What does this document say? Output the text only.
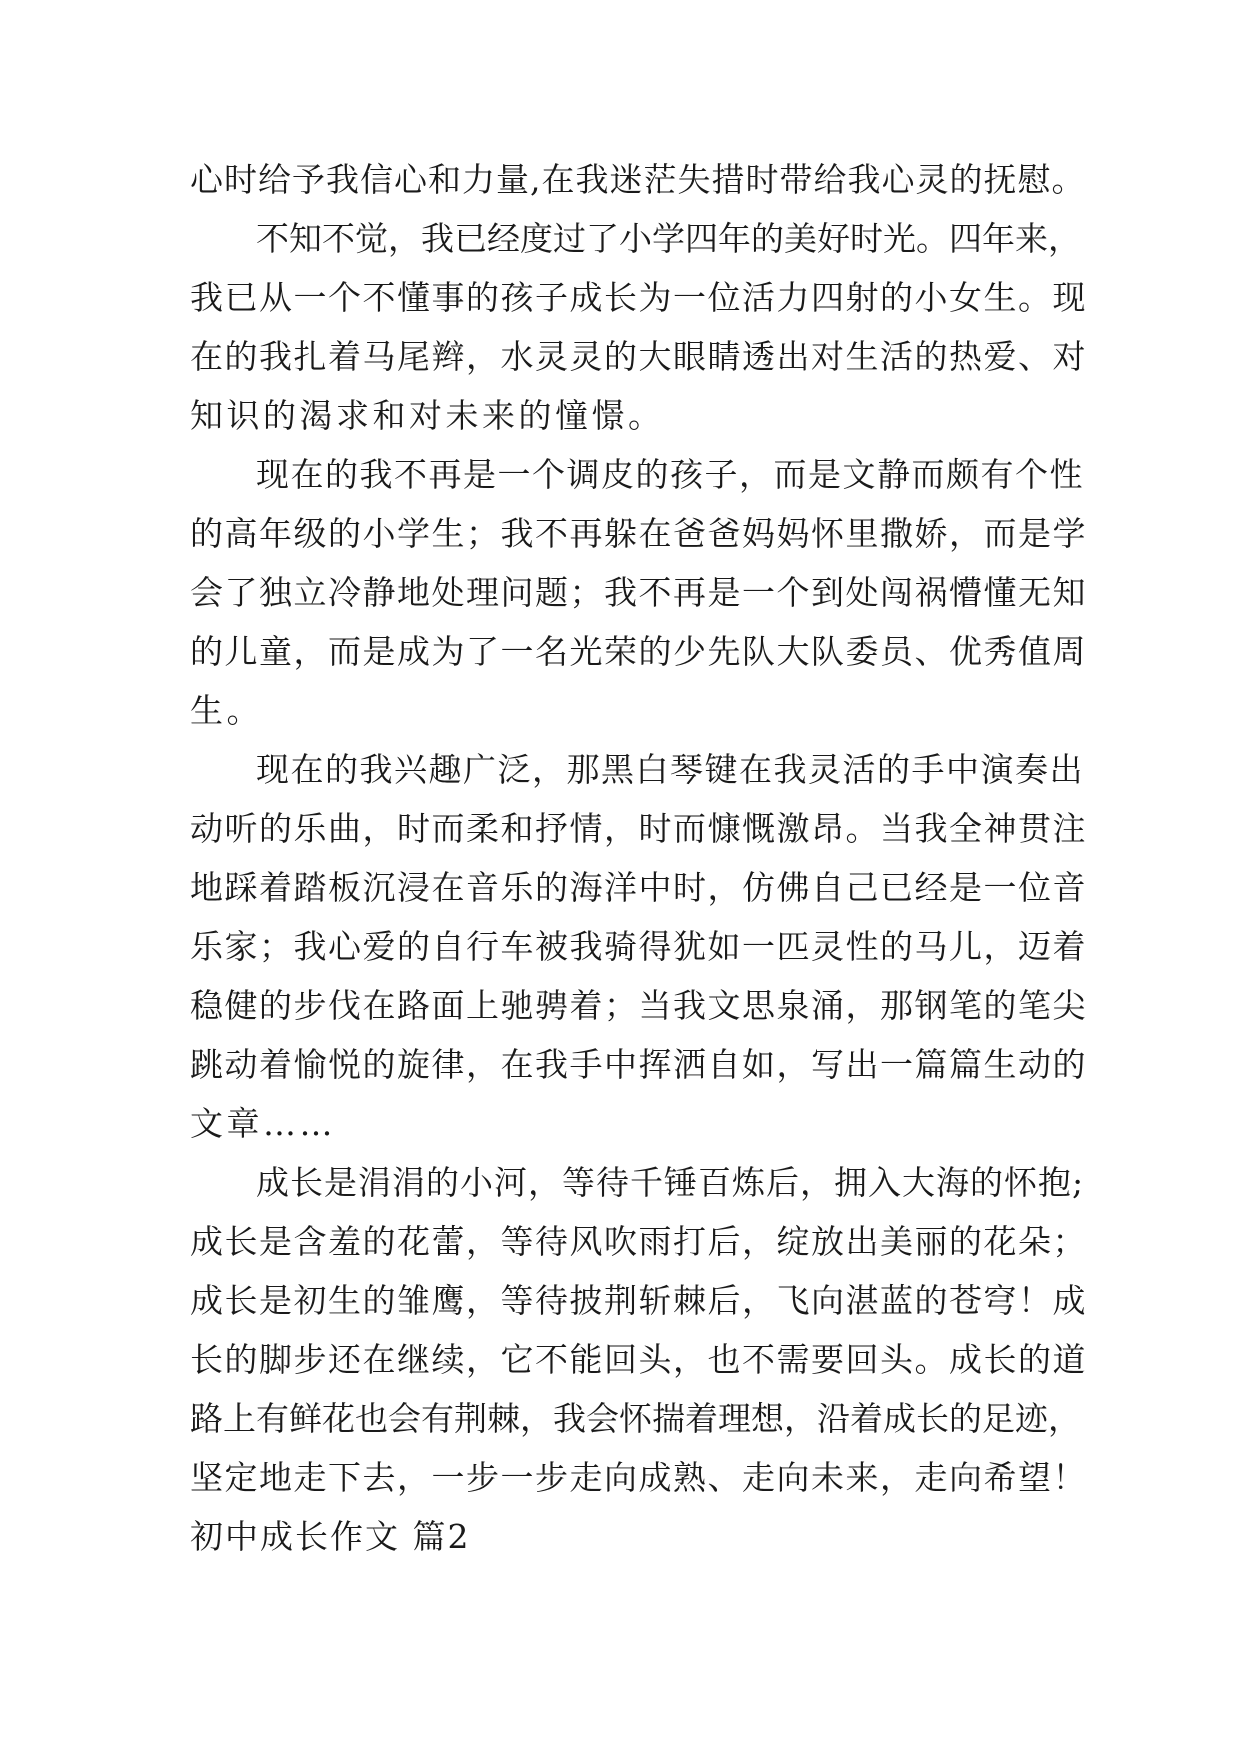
心时给予我信心和力量,在我迷茫失措时带给我心灵的抚慰。
不知不觉，我已经度过了小学四年的美好时光。四年来，
我已从一个不懂事的孩子成长为一位活力四射的小女生。现
在的我扎着马尾辫，水灵灵的大眼睛透出对生活的热爱、对
知识的渴求和对未来的憧憬。
现在的我不再是一个调皮的孩子，而是文静而颇有个性
的高年级的小学生；我不再躲在爸爸妈妈怀里撒娇，而是学
会了独立冷静地处理问题；我不再是一个到处闯祸懵懂无知
的儿童，而是成为了一名光荣的少先队大队委员、优秀值周
生。
现在的我兴趣广泛，那黑白琴键在我灵活的手中演奏出
动听的乐曲，时而柔和抒情，时而慷慨激昂。当我全神贯注
地踩着踏板沉浸在音乐的海洋中时，仿佛自己已经是一位音
乐家；我心爱的自行车被我骑得犹如一匹灵性的马儿，迈着
稳健的步伐在路面上驰骋着；当我文思泉涌，那钢笔的笔尖
跳动着愉悦的旋律，在我手中挥洒自如，写出一篇篇生动的
文章……
成长是涓涓的小河，等待千锤百炼后，拥入大海的怀抱;
成长是含羞的花蕾，等待风吹雨打后，绽放出美丽的花朵；
成长是初生的雏鹰，等待披荆斩棘后，飞向湛蓝的苍穹！成
长的脚步还在继续，它不能回头，也不需要回头。成长的道
路上有鲜花也会有荆棘，我会怀揣着理想，沿着成长的足迹，
坚定地走下去，一步一步走向成熟、走向未来，走向希望！
初中成长作文 篇2
